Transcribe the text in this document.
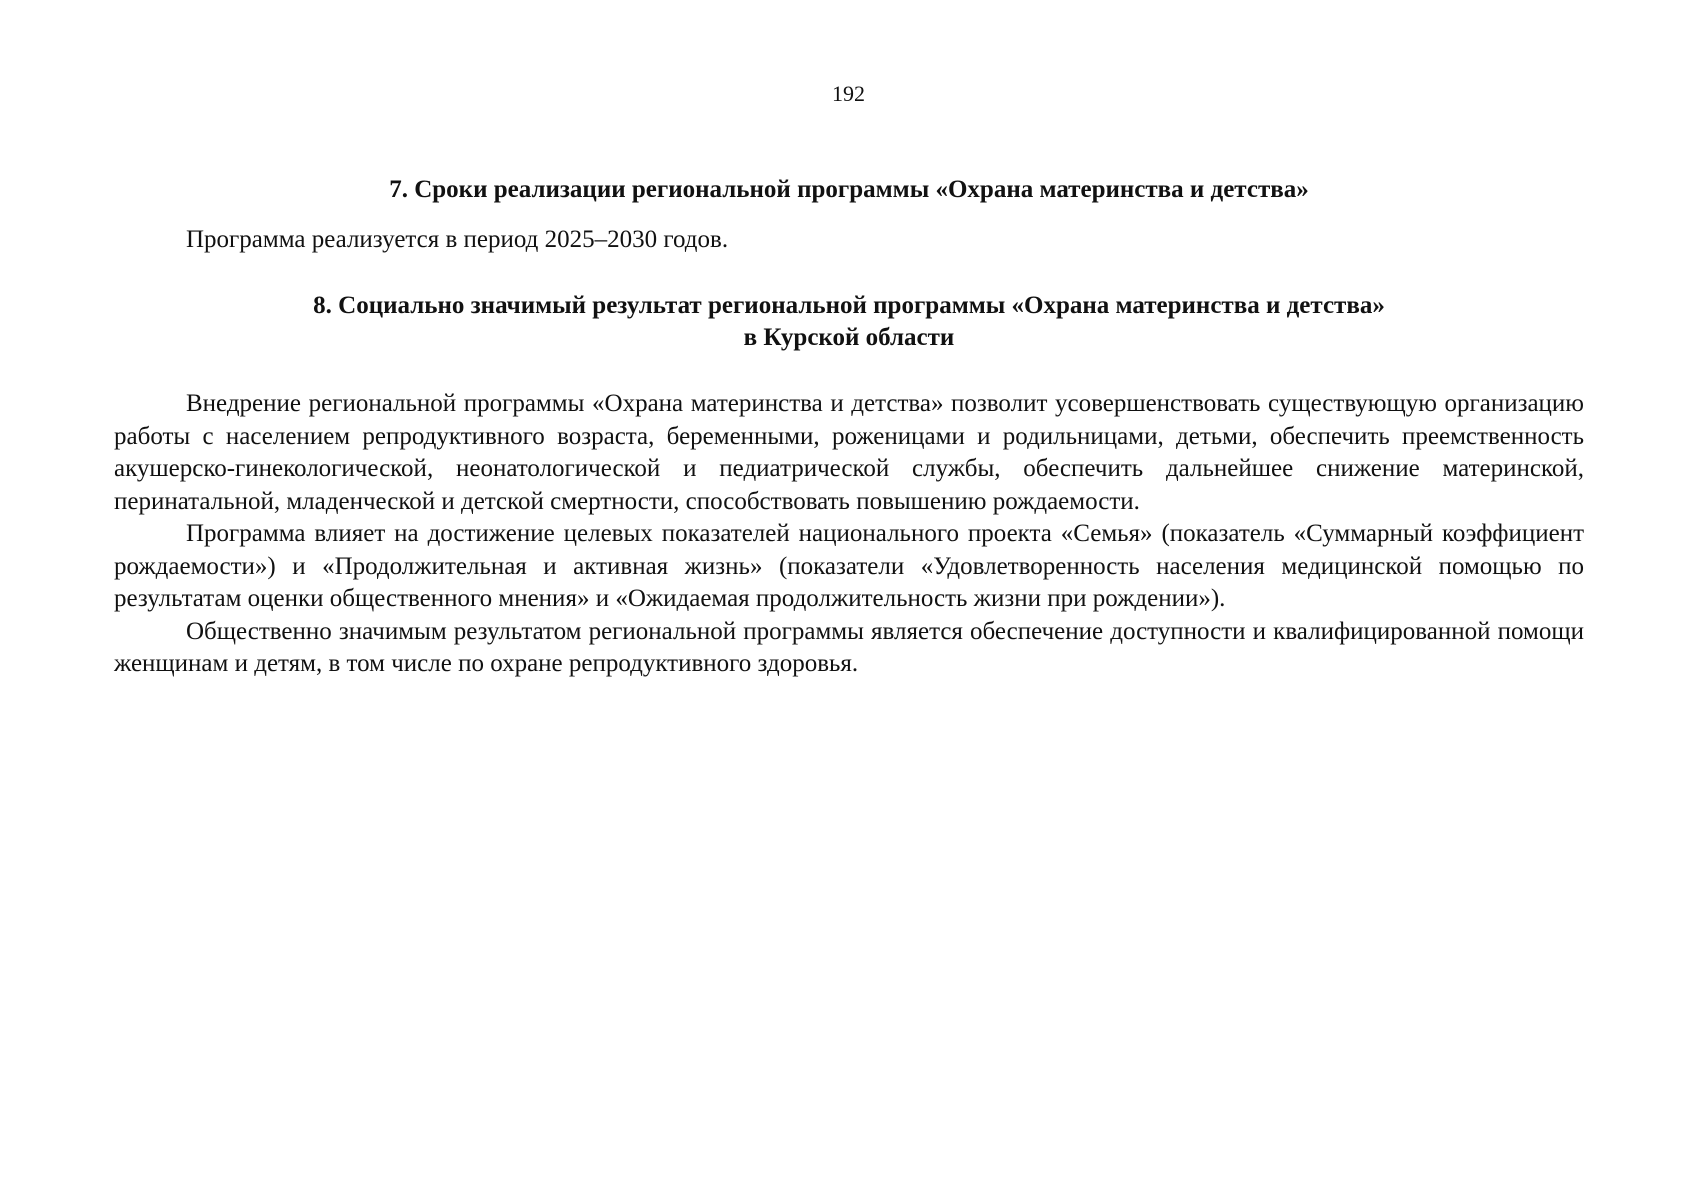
192
7. Сроки реализации региональной программы «Охрана материнства и детства»

Программа реализуется в период 2025–2030 годов.

8. Социально значимый результат региональной программы «Охрана материнства и детства»
в Курской области

Внедрение региональной программы «Охрана материнства и детства» позволит усовершенствовать существующую организацию работы с населением репродуктивного возраста, беременными, роженицами и родильницами, детьми, обеспечить преемственность акушерско-гинекологической, неонатологической и педиатрической службы, обеспечить дальнейшее снижение материнской, перинатальной, младенческой и детской смертности, способствовать повышению рождаемости.

Программа влияет на достижение целевых показателей национального проекта «Семья» (показатель «Суммарный коэффициент рождаемости») и «Продолжительная и активная жизнь» (показатели «Удовлетворенность населения медицинской помощью по результатам оценки общественного мнения» и «Ожидаемая продолжительность жизни при рождении»).

Общественно значимым результатом региональной программы является обеспечение доступности и квалифицированной помощи женщинам и детям, в том числе по охране репродуктивного здоровья.
